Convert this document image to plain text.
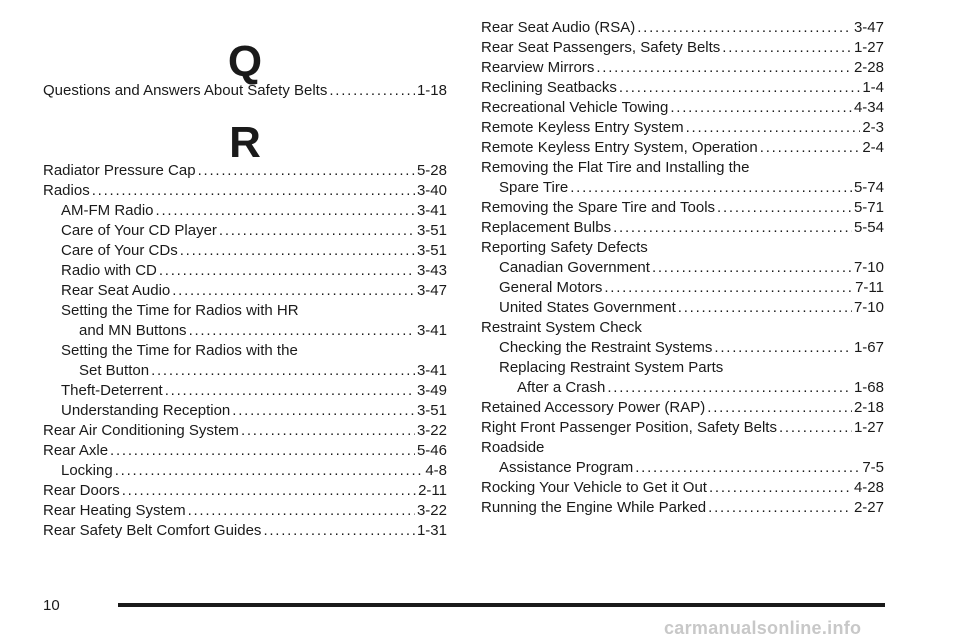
Q
Questions and Answers About Safety Belts . . .	1-18
R
Radiator Pressure Cap . . .	5-28
Radios . . .	3-40
AM-FM Radio . . .	3-41
Care of Your CD Player . . .	3-51
Care of Your CDs . . .	3-51
Radio with CD . . .	3-43
Rear Seat Audio . . .	3-47
Setting the Time for Radios with HR
and MN Buttons . . .	3-41
Setting the Time for Radios with the
Set Button . . .	3-41
Theft-Deterrent . . .	3-49
Understanding Reception . . .	3-51
Rear Air Conditioning System . . .	3-22
Rear Axle . . .	5-46
Locking . . .	4-8
Rear Doors . . .	2-11
Rear Heating System . . .	3-22
Rear Safety Belt Comfort Guides . . .	1-31
Rear Seat Audio (RSA) . . .	3-47
Rear Seat Passengers, Safety Belts . . .	1-27
Rearview Mirrors . . .	2-28
Reclining Seatbacks . . .	1-4
Recreational Vehicle Towing . . .	4-34
Remote Keyless Entry System . . .	2-3
Remote Keyless Entry System, Operation . . .	2-4
Removing the Flat Tire and Installing the
Spare Tire . . .	5-74
Removing the Spare Tire and Tools . . .	5-71
Replacement Bulbs . . .	5-54
Reporting Safety Defects
Canadian Government . . .	7-10
General Motors . . .	7-11
United States Government . . .	7-10
Restraint System Check
Checking the Restraint Systems . . .	1-67
Replacing Restraint System Parts
After a Crash . . .	1-68
Retained Accessory Power (RAP) . . .	2-18
Right Front Passenger Position, Safety Belts . . .	1-27
Roadside
Assistance Program . . .	7-5
Rocking Your Vehicle to Get it Out . . .	4-28
Running the Engine While Parked . . .	2-27
10
carmanualsonline.info
